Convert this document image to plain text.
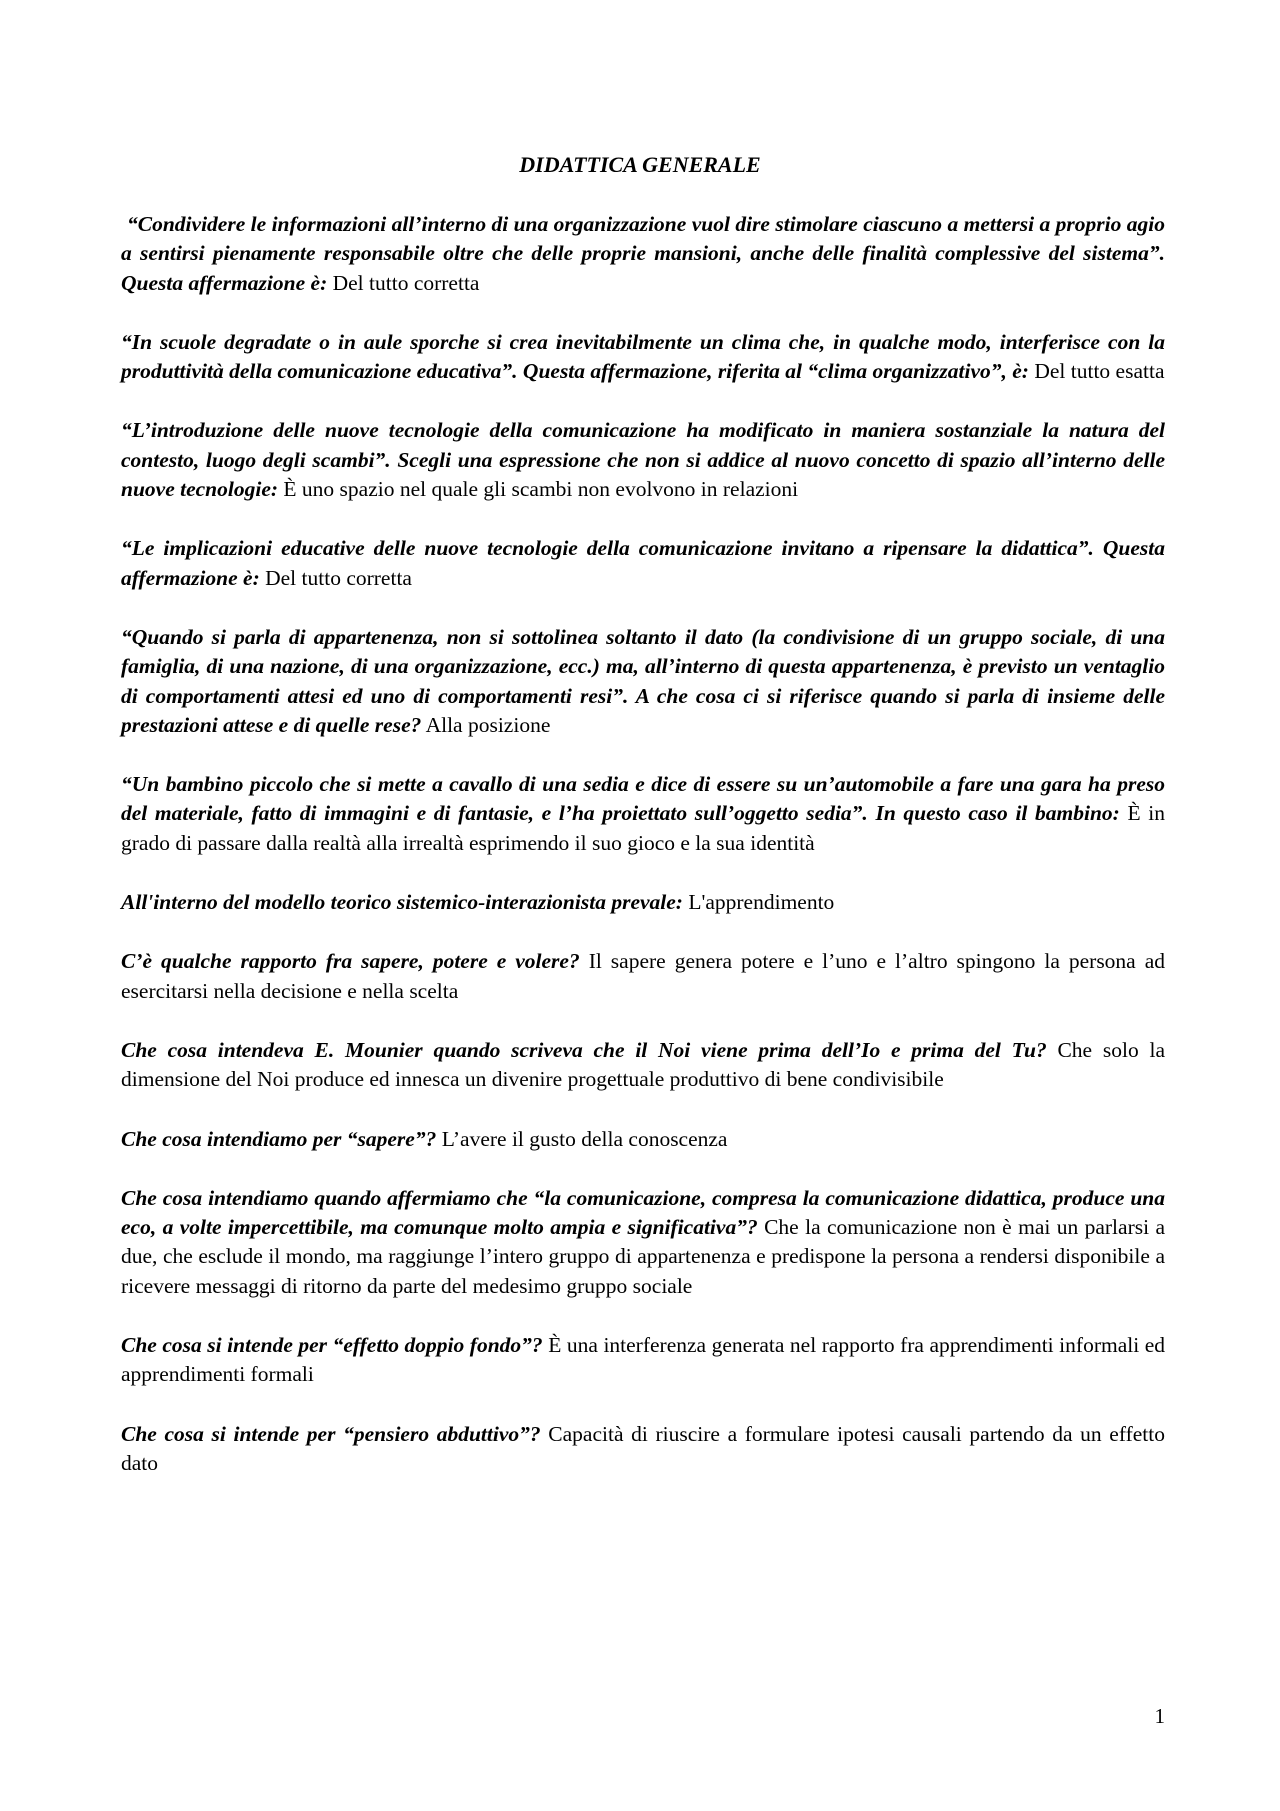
DIDATTICA GENERALE

“Condividere le informazioni all’interno di una organizzazione vuol dire stimolare ciascuno a mettersi a proprio agio a sentirsi pienamente responsabile oltre che delle proprie mansioni, anche delle finalità complessive del sistema”. Questa affermazione è: Del tutto corretta

“In scuole degradate o in aule sporche si crea inevitabilmente un clima che, in qualche modo, interferisce con la produttività della comunicazione educativa”. Questa affermazione, riferita al “clima organizzativo”, è: Del tutto esatta

“L’introduzione delle nuove tecnologie della comunicazione ha modificato in maniera sostanziale la natura del contesto, luogo degli scambi”. Scegli una espressione che non si addice al nuovo concetto di spazio all’interno delle nuove tecnologie: È uno spazio nel quale gli scambi non evolvono in relazioni

“Le implicazioni educative delle nuove tecnologie della comunicazione invitano a ripensare la didattica”. Questa affermazione è: Del tutto corretta

“Quando si parla di appartenenza, non si sottolinea soltanto il dato (la condivisione di un gruppo sociale, di una famiglia, di una nazione, di una organizzazione, ecc.) ma, all’interno di questa appartenenza, è previsto un ventaglio di comportamenti attesi ed uno di comportamenti resi”. A che cosa ci si riferisce quando si parla di insieme delle prestazioni attese e di quelle rese? Alla posizione

“Un bambino piccolo che si mette a cavallo di una sedia e dice di essere su un’automobile a fare una gara ha preso del materiale, fatto di immagini e di fantasie, e l’ha proiettato sull’oggetto sedia”. In questo caso il bambino: È in grado di passare dalla realtà alla irrealtà esprimendo il suo gioco e la sua identità

All'interno del modello teorico sistemico-interazionista prevale: L'apprendimento

C’è qualche rapporto fra sapere, potere e volere? Il sapere genera potere e l’uno e l’altro spingono la persona ad esercitarsi nella decisione e nella scelta

Che cosa intendeva E. Mounier quando scriveva che il Noi viene prima dell’Io e prima del Tu? Che solo la dimensione del Noi produce ed innesca un divenire progettuale produttivo di bene condivisibile

Che cosa intendiamo per “sapere”? L’avere il gusto della conoscenza

Che cosa intendiamo quando affermiamo che “la comunicazione, compresa la comunicazione didattica, produce una eco, a volte impercettibile, ma comunque molto ampia e significativa”? Che la comunicazione non è mai un parlarsi a due, che esclude il mondo, ma raggiunge l’intero gruppo di appartenenza e predispone la persona a rendersi disponibile a ricevere messaggi di ritorno da parte del medesimo gruppo sociale

Che cosa si intende per “effetto doppio fondo”? È una interferenza generata nel rapporto fra apprendimenti informali ed apprendimenti formali

Che cosa si intende per “pensiero abduttivo”? Capacità di riuscire a formulare ipotesi causali partendo da un effetto dato

1
